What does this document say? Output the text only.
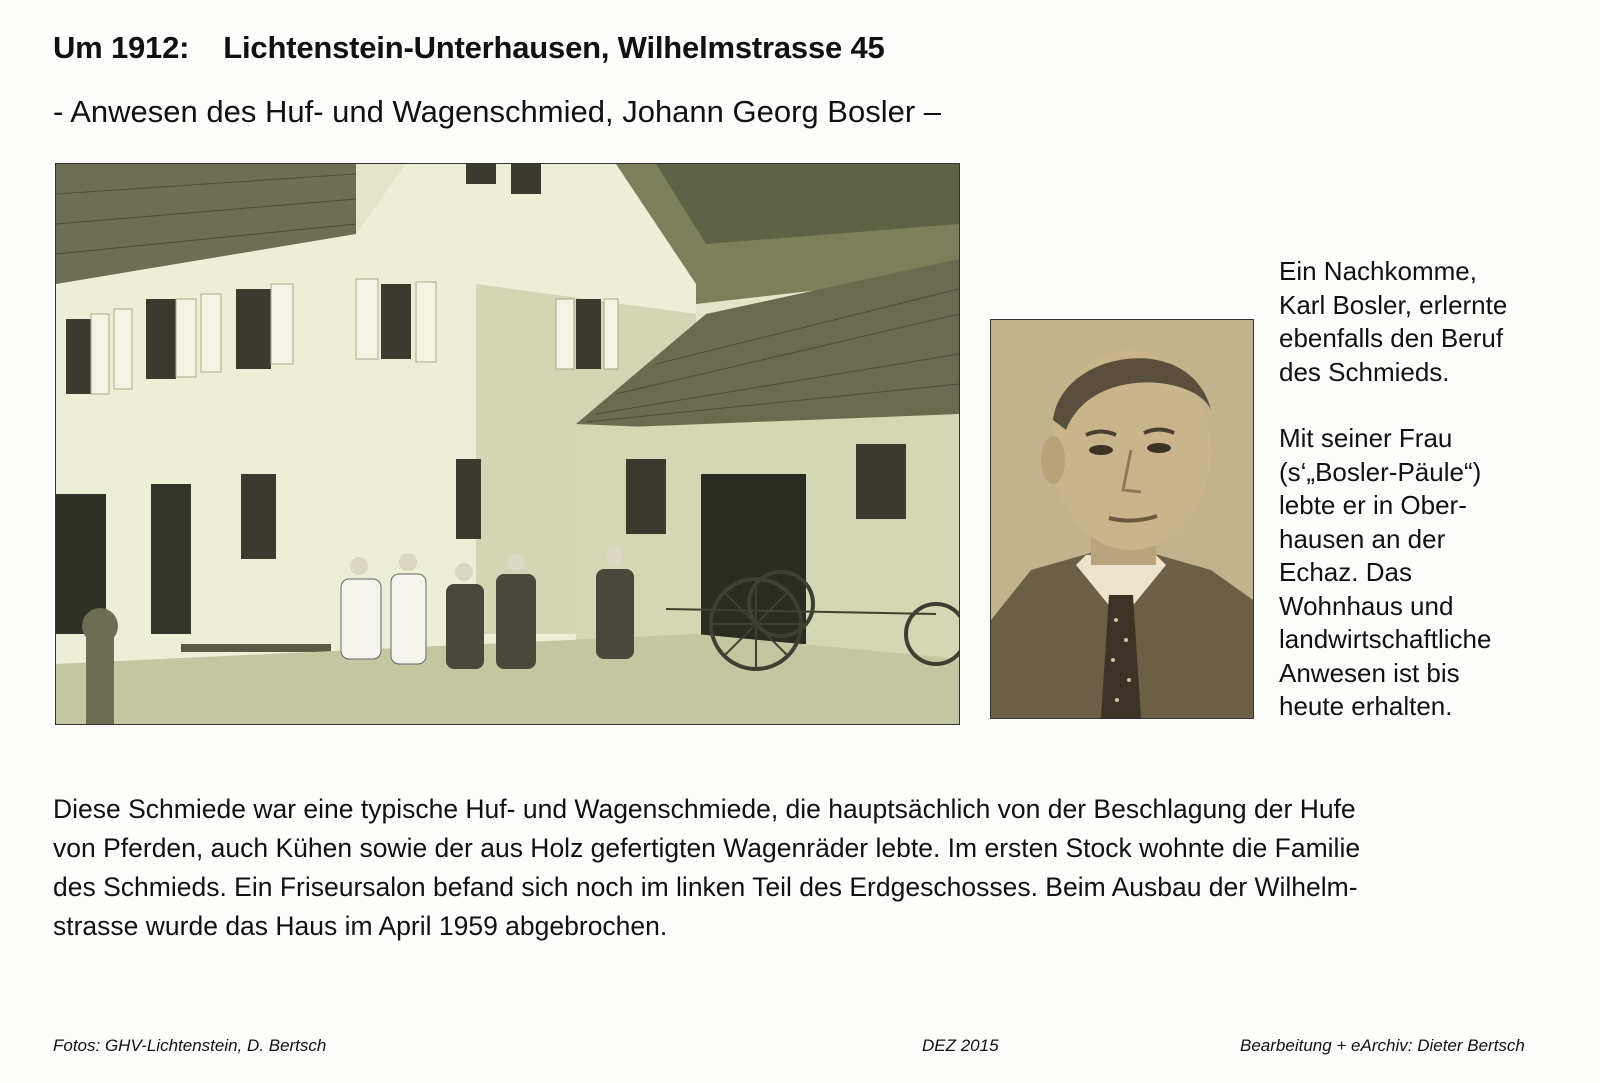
Um 1912: Lichtenstein-Unterhausen, Wilhelmstrasse 45
- Anwesen des Huf- und Wagenschmied, Johann Georg Bosler –

Ein Nachkomme,
Karl Bosler, erlernte
ebenfalls den Beruf
des Schmieds.

Mit seiner Frau
(s‘„Bosler-Päule“)
lebte er in Ober-
hausen an der
Echaz. Das
Wohnhaus und
landwirtschaftliche
Anwesen ist bis
heute erhalten.

Diese Schmiede war eine typische Huf- und Wagenschmiede, die hauptsächlich von der Beschlagung der Hufe
von Pferden, auch Kühen sowie der aus Holz gefertigten Wagenräder lebte. Im ersten Stock wohnte die Familie
des Schmieds. Ein Friseursalon befand sich noch im linken Teil des Erdgeschosses. Beim Ausbau der Wilhelm-
strasse wurde das Haus im April 1959 abgebrochen.
Fotos: GHV-Lichtenstein, D. Bertsch	DEZ 2015	Bearbeitung + eArchiv: Dieter Bertsch
